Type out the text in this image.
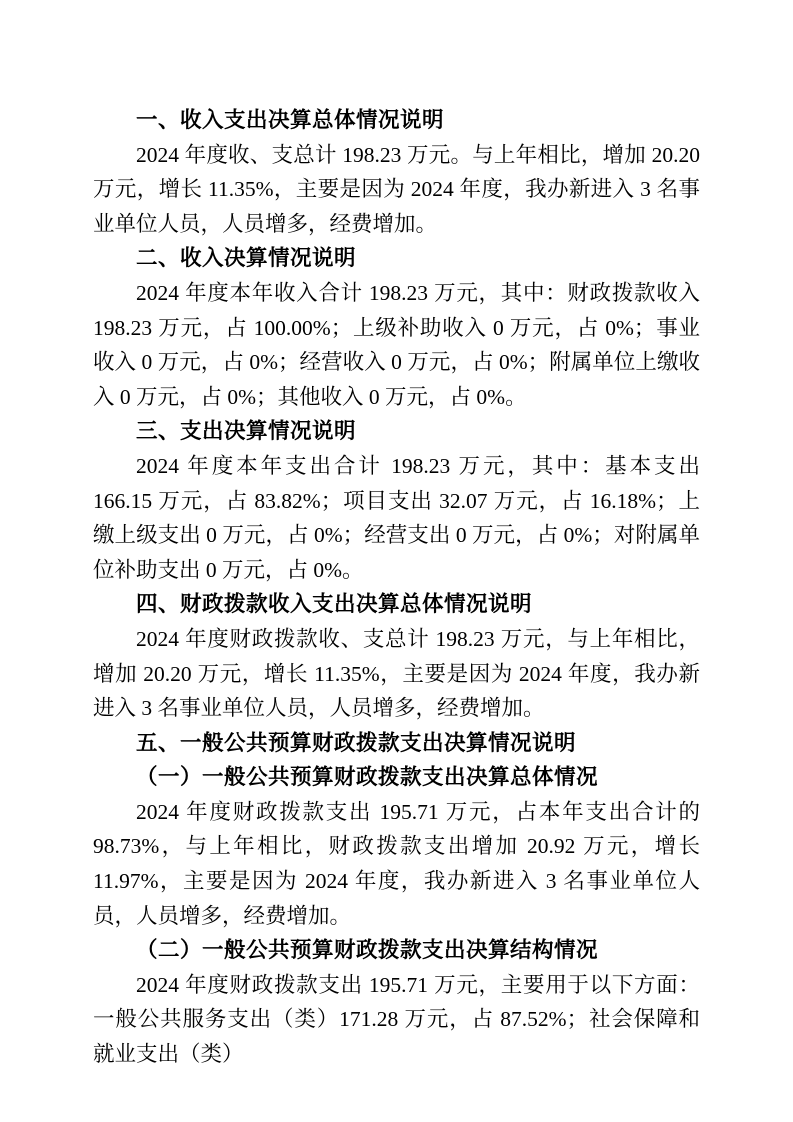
一、收入支出决算总体情况说明

2024 年度收、支总计 198.23 万元。与上年相比，增加 20.20 万元，增长 11.35%，主要是因为 2024 年度，我办新进入 3 名事业单位人员，人员增多，经费增加。

二、收入决算情况说明

2024 年度本年收入合计 198.23 万元，其中：财政拨款收入 198.23 万元，占 100.00%；上级补助收入 0 万元，占 0%；事业收入 0 万元，占 0%；经营收入 0 万元，占 0%；附属单位上缴收入 0 万元，占 0%；其他收入 0 万元，占 0%。

三、支出决算情况说明

2024 年度本年支出合计 198.23 万元，其中：基本支出 166.15 万元，占 83.82%；项目支出 32.07 万元，占 16.18%；上缴上级支出 0 万元，占 0%；经营支出 0 万元，占 0%；对附属单位补助支出 0 万元，占 0%。

四、财政拨款收入支出决算总体情况说明

2024 年度财政拨款收、支总计 198.23 万元，与上年相比，增加 20.20 万元，增长 11.35%，主要是因为 2024 年度，我办新进入 3 名事业单位人员，人员增多，经费增加。

五、一般公共预算财政拨款支出决算情况说明
（一）一般公共预算财政拨款支出决算总体情况

2024 年度财政拨款支出 195.71 万元，占本年支出合计的 98.73%，与上年相比，财政拨款支出增加 20.92 万元，增长 11.97%，主要是因为 2024 年度，我办新进入 3 名事业单位人员，人员增多，经费增加。

（二）一般公共预算财政拨款支出决算结构情况

2024 年度财政拨款支出 195.71 万元，主要用于以下方面：一般公共服务支出（类）171.28 万元，占 87.52%；社会保障和就业支出（类）
